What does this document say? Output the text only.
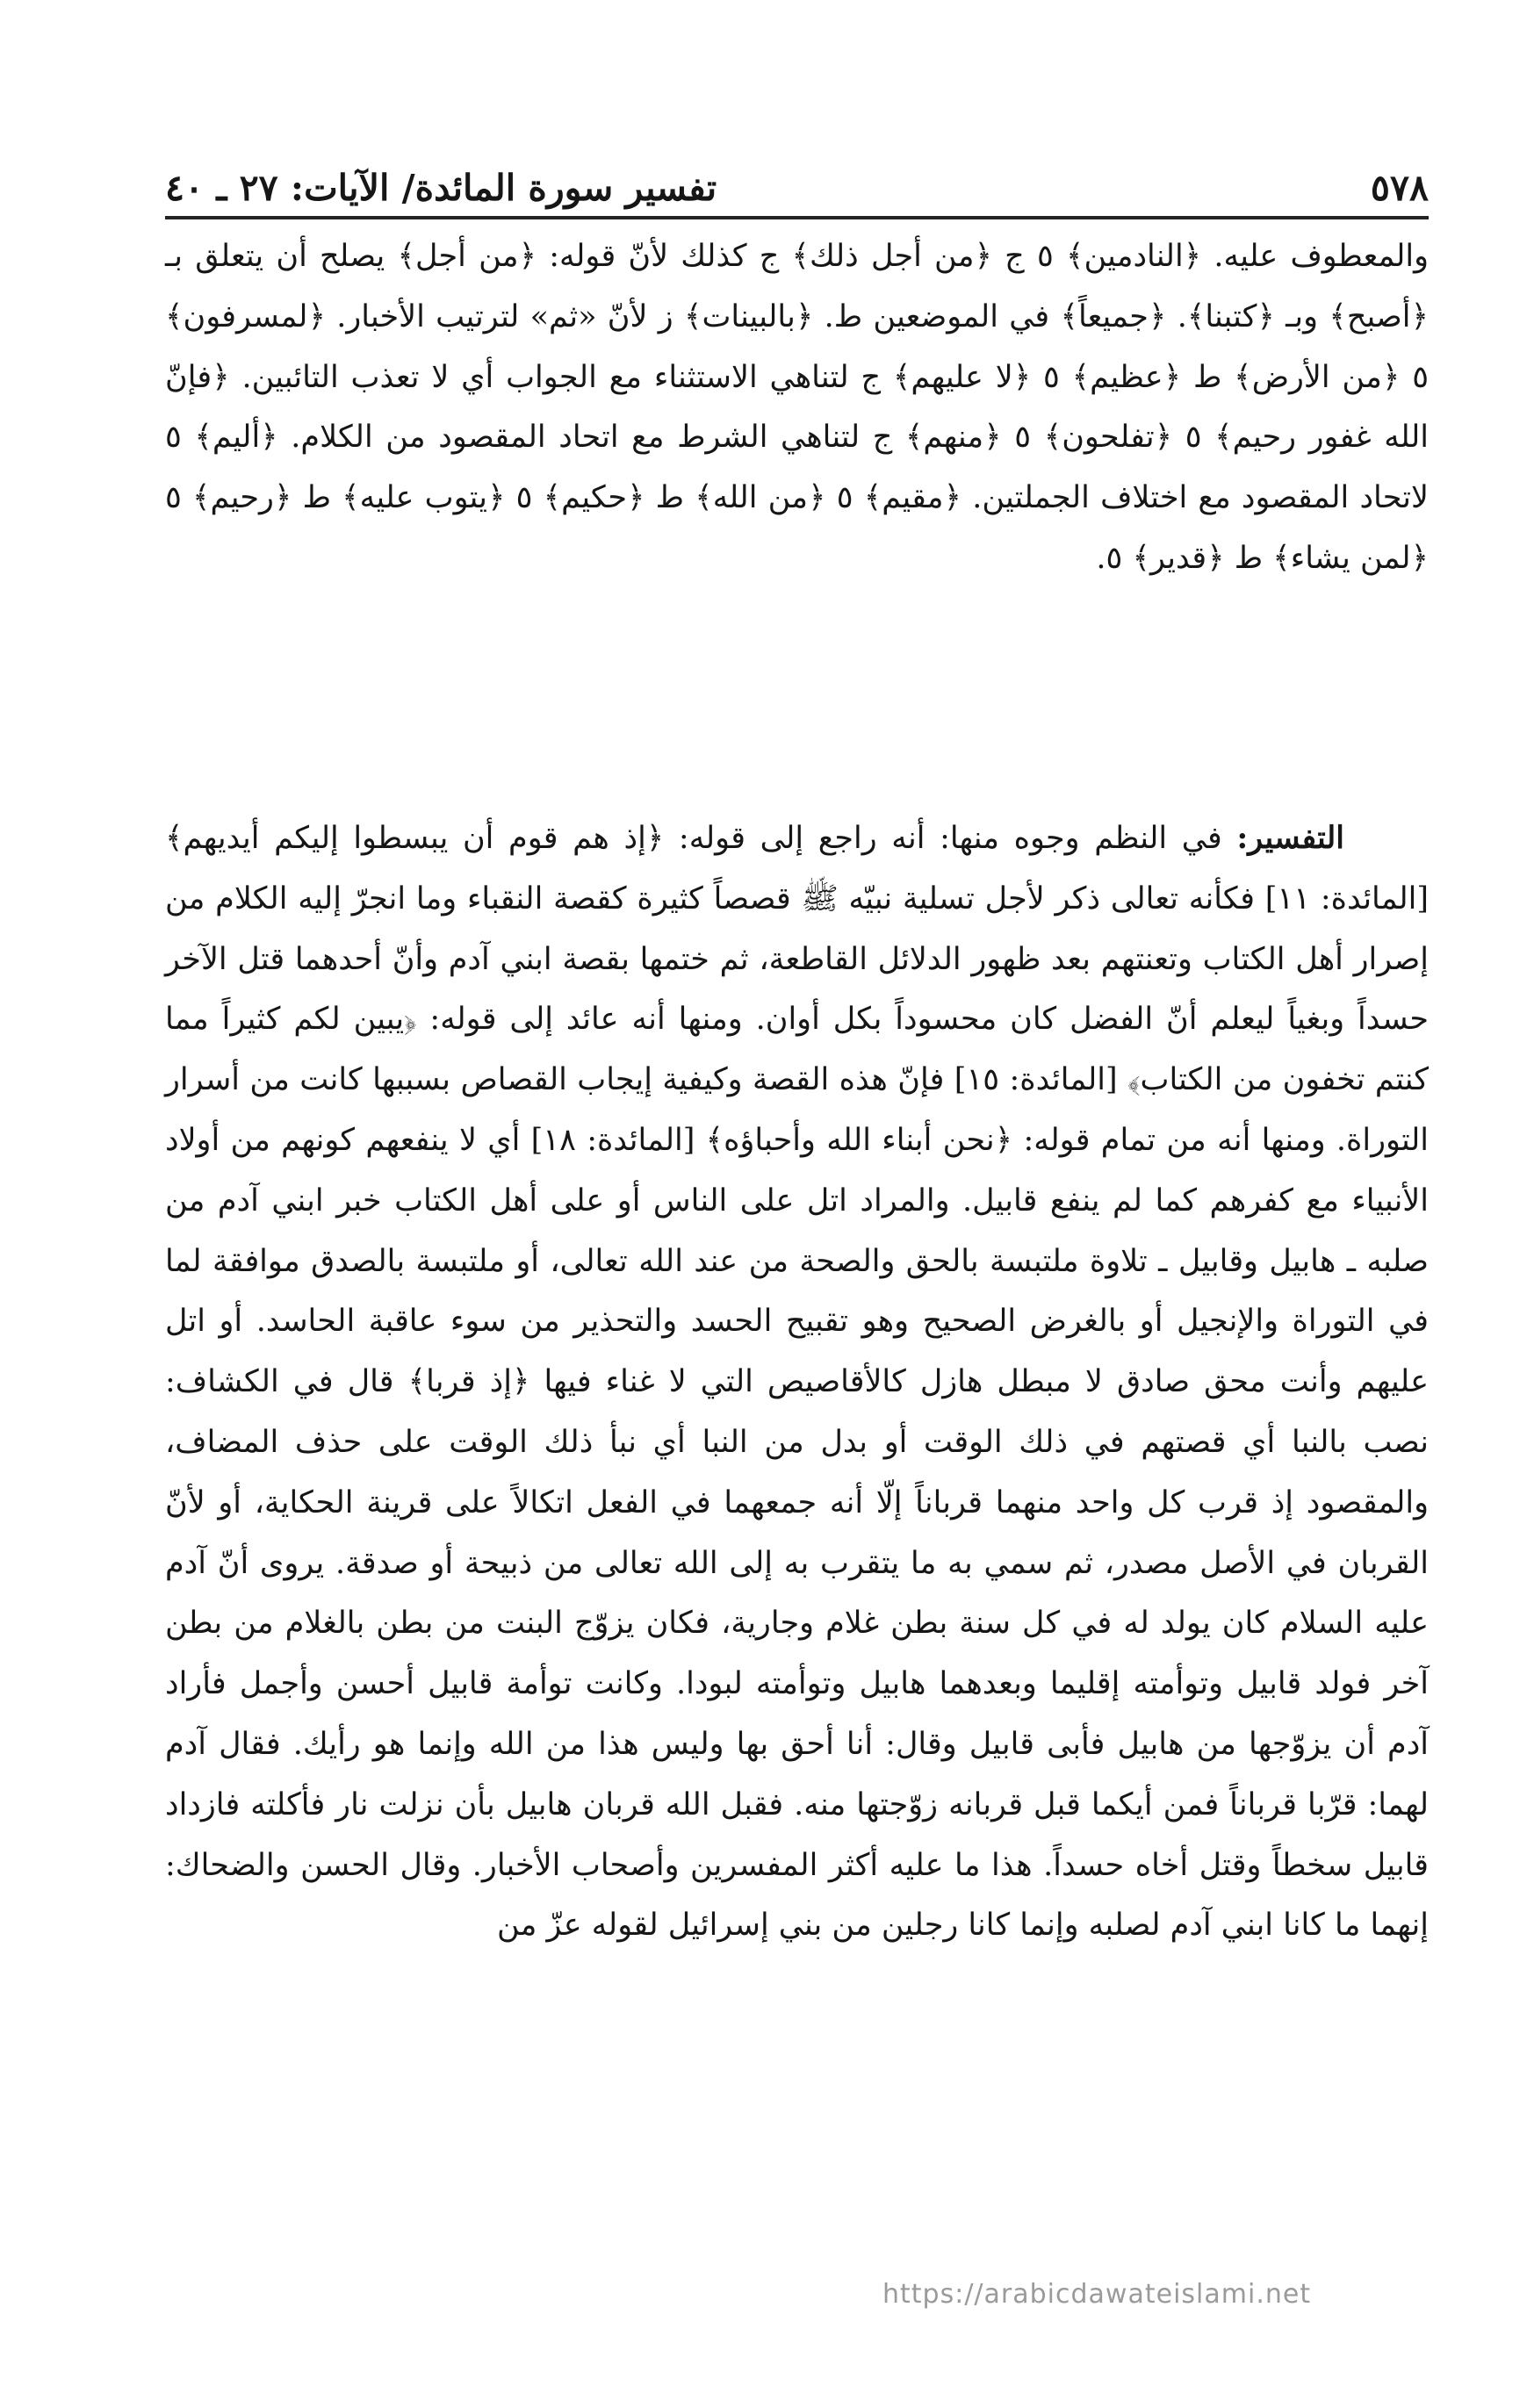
٥٧٨
تفسير سورة المائدة/ الآيات: ٢٧ ـ ٤٠

والمعطوف عليه. ﴿النادمين﴾ ٥ ج ﴿من أجل ذلك﴾ ج كذلك لأنّ قوله: ﴿من أجل﴾ يصلح أن يتعلق بـ ﴿أصبح﴾ وبـ ﴿كتبنا﴾. ﴿جميعاً﴾ في الموضعين ط. ﴿بالبينات﴾ ز لأنّ «ثم» لترتيب الأخبار. ﴿لمسرفون﴾ ٥ ﴿من الأرض﴾ ط ﴿عظيم﴾ ٥ ﴿لا عليهم﴾ ج لتناهي الاستثناء مع الجواب أي لا تعذب التائبين. ﴿فإنّ الله غفور رحيم﴾ ٥ ﴿تفلحون﴾ ٥ ﴿منهم﴾ ج لتناهي الشرط مع اتحاد المقصود من الكلام. ﴿أليم﴾ ٥ لاتحاد المقصود مع اختلاف الجملتين. ﴿مقيم﴾ ٥ ﴿من الله﴾ ط ﴿حكيم﴾ ٥ ﴿يتوب عليه﴾ ط ﴿رحيم﴾ ٥ ﴿لمن يشاء﴾ ط ﴿قدير﴾ ٥.

التفسير: في النظم وجوه منها: أنه راجع إلى قوله: ﴿إذ هم قوم أن يبسطوا إليكم أيديهم﴾ [المائدة: ١١] فكأنه تعالى ذكر لأجل تسلية نبيّه ﷺ قصصاً كثيرة كقصة النقباء وما انجرّ إليه الكلام من إصرار أهل الكتاب وتعنتهم بعد ظهور الدلائل القاطعة، ثم ختمها بقصة ابني آدم وأنّ أحدهما قتل الآخر حسداً وبغياً ليعلم أنّ الفضل كان محسوداً بكل أوان. ومنها أنه عائد إلى قوله: ﴿يبين لكم كثيراً مما كنتم تخفون من الكتاب﴾ [المائدة: ١٥] فإنّ هذه القصة وكيفية إيجاب القصاص بسببها كانت من أسرار التوراة. ومنها أنه من تمام قوله: ﴿نحن أبناء الله وأحباؤه﴾ [المائدة: ١٨] أي لا ينفعهم كونهم من أولاد الأنبياء مع كفرهم كما لم ينفع قابيل. والمراد اتل على الناس أو على أهل الكتاب خبر ابني آدم من صلبه ـ هابيل وقابيل ـ تلاوة ملتبسة بالحق والصحة من عند الله تعالى، أو ملتبسة بالصدق موافقة لما في التوراة والإنجيل أو بالغرض الصحيح وهو تقبيح الحسد والتحذير من سوء عاقبة الحاسد. أو اتل عليهم وأنت محق صادق لا مبطل هازل كالأقاصيص التي لا غناء فيها ﴿إذ قربا﴾ قال في الكشاف: نصب بالنبا أي قصتهم في ذلك الوقت أو بدل من النبا أي نبأ ذلك الوقت على حذف المضاف، والمقصود إذ قرب كل واحد منهما قرباناً إلّا أنه جمعهما في الفعل اتكالاً على قرينة الحكاية، أو لأنّ القربان في الأصل مصدر، ثم سمي به ما يتقرب به إلى الله تعالى من ذبيحة أو صدقة. يروى أنّ آدم عليه السلام كان يولد له في كل سنة بطن غلام وجارية، فكان يزوّج البنت من بطن بالغلام من بطن آخر فولد قابيل وتوأمته إقليما وبعدهما هابيل وتوأمته لبودا. وكانت توأمة قابيل أحسن وأجمل فأراد آدم أن يزوّجها من هابيل فأبى قابيل وقال: أنا أحق بها وليس هذا من الله وإنما هو رأيك. فقال آدم لهما: قرّبا قرباناً فمن أيكما قبل قربانه زوّجتها منه. فقبل الله قربان هابيل بأن نزلت نار فأكلته فازداد قابيل سخطاً وقتل أخاه حسداً. هذا ما عليه أكثر المفسرين وأصحاب الأخبار. وقال الحسن والضحاك: إنهما ما كانا ابني آدم لصلبه وإنما كانا رجلين من بني إسرائيل لقوله عزّ من

https://arabicdawateislami.net
